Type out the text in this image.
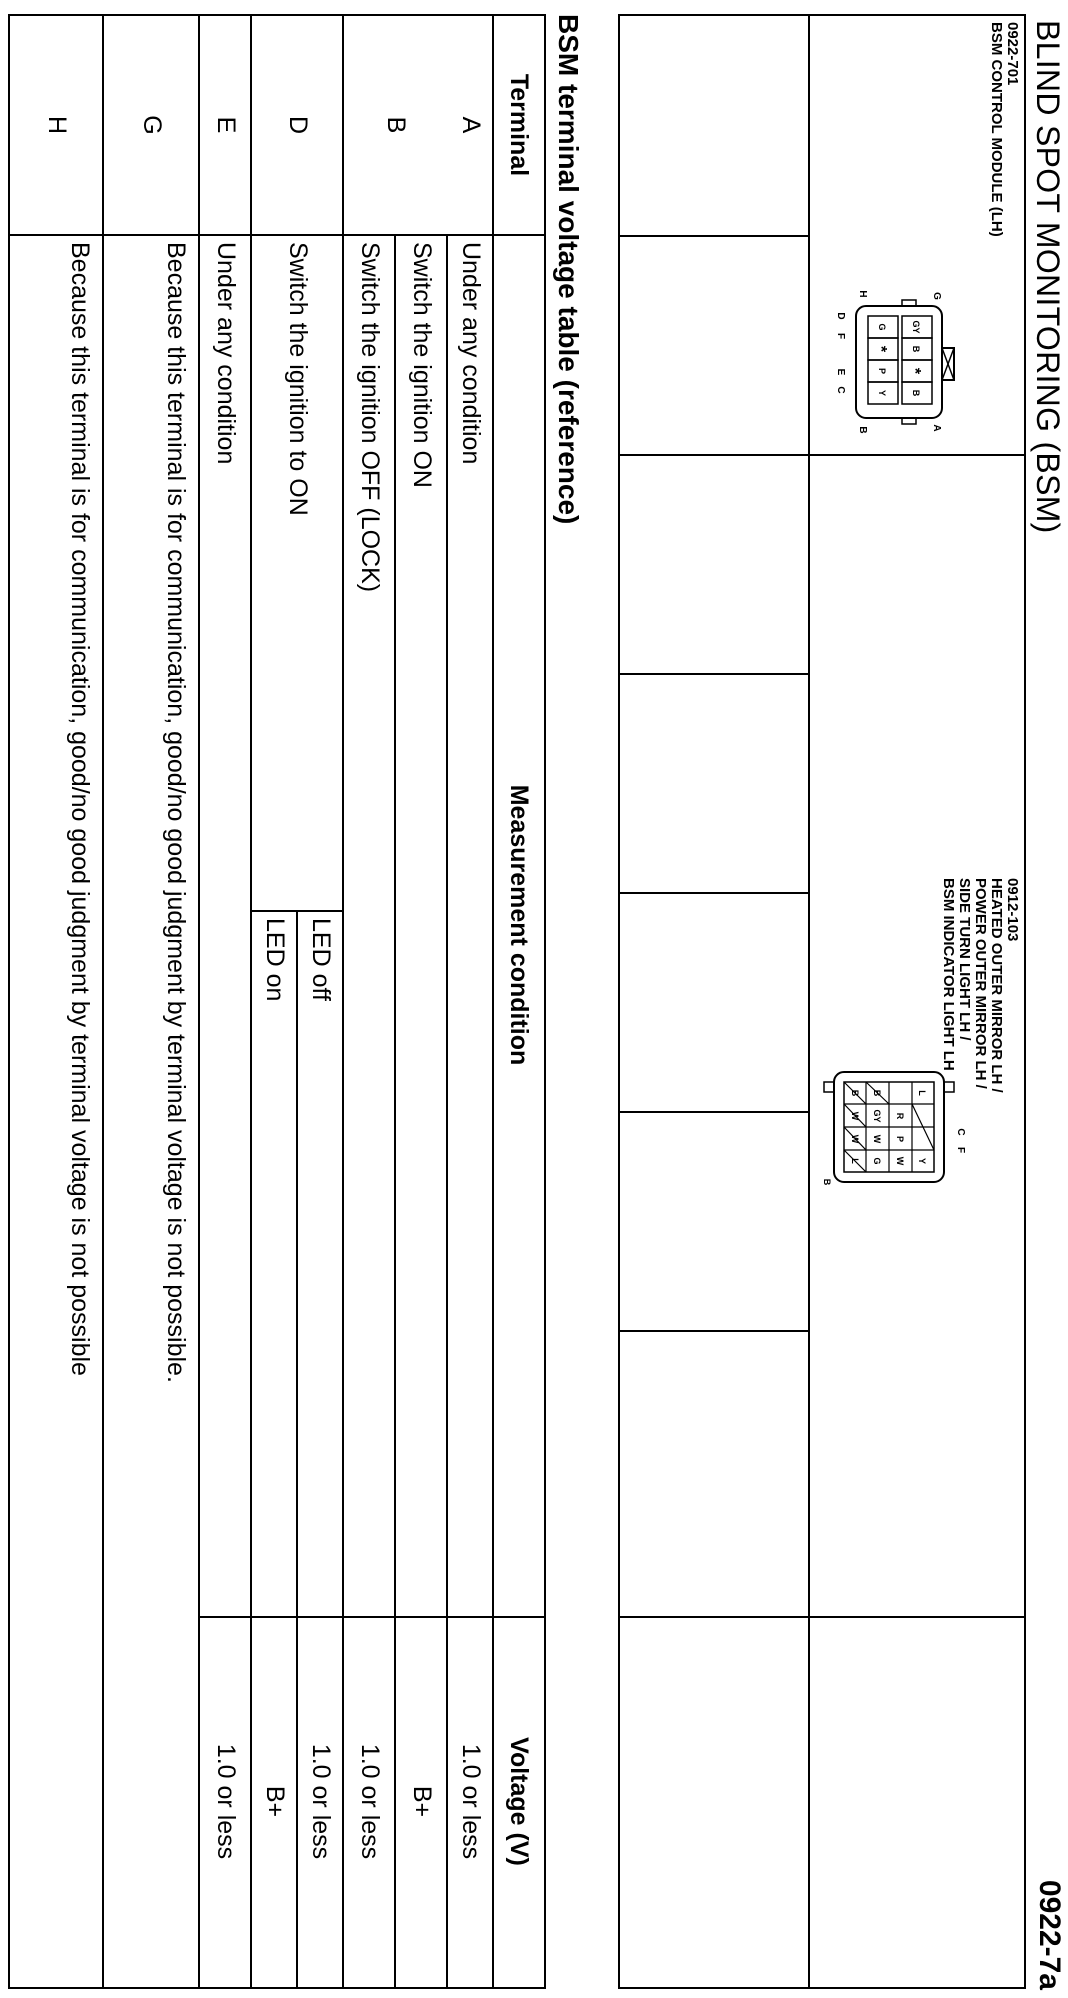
BLIND SPOT MONITORING (BSM)
0922-7a
0922-701
BSM CONTROL MODULE (LH)
B
B
GY
Y
P
G
*
*
A
B
G
H
E
C
F
D
0912-103
HEATED OUTER MIRROR LH /
POWER OUTER MIRROR LH /
SIDE TURN LIGHT LH /
BSM INDICATOR LIGHT LH
L
Y
R
P
W
G
GY
W
L
B
B
W
W
B
C
F
BSM terminal voltage table (reference)
Terminal
Measurement condition
Voltage (V)
A
Under any condition
1.0 or less
B
Switch the ignition ON
B+
Switch the ignition OFF (LOCK)
1.0 or less
D
Switch the ignition to ON
LED off
1.0 or less
LED on
B+
E
Under any condition
1.0 or less
G
Because this terminal is for communication, good/no good judgment by terminal voltage is not possible.
H
Because this terminal is for communication, good/no good judgment by terminal voltage is not possible
